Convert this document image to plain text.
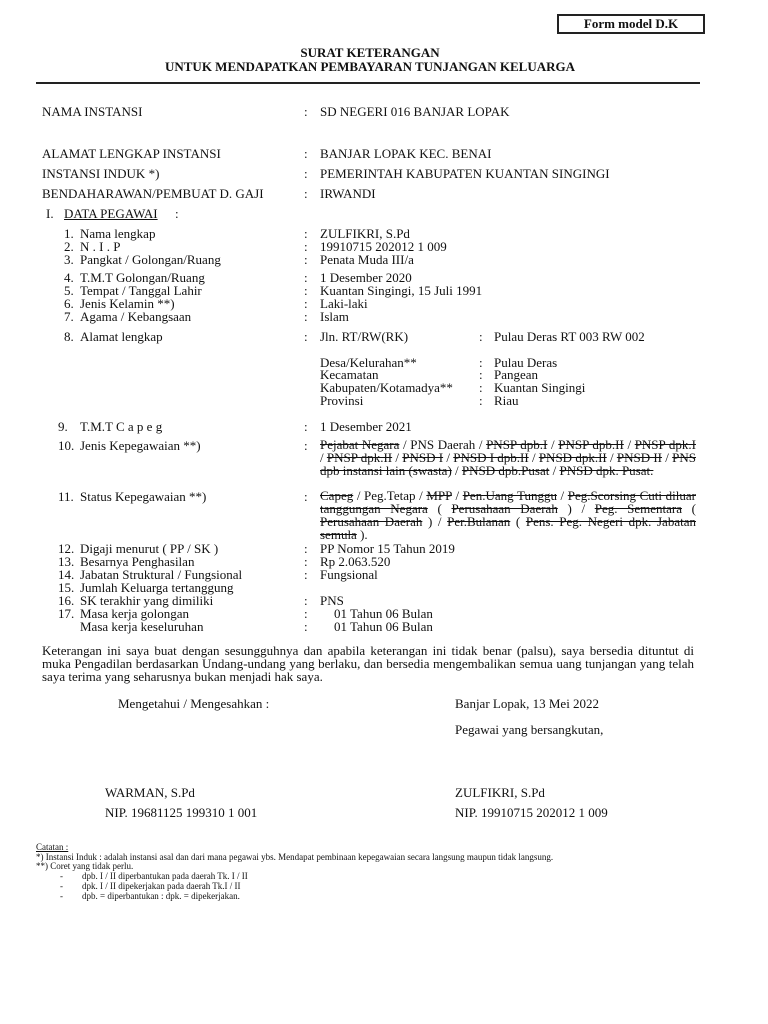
Form model D.K
SURAT KETERANGAN
UNTUK MENDAPATKAN PEMBAYARAN TUNJANGAN KELUARGA
NAMA INSTANSI	: SD NEGERI 016 BANJAR LOPAK
ALAMAT LENGKAP INSTANSI	: BANJAR LOPAK KEC. BENAI
INSTANSI INDUK *)	: PEMERINTAH KABUPATEN KUANTAN SINGINGI
BENDAHARAWAN/PEMBUAT D. GAJI	: IRWANDI
I. DATA PEGAWAI :
1. Nama lengkap	: ZULFIKRI, S.Pd
2. N . I . P	: 19910715 202012 1 009
3. Pangkat / Golongan/Ruang	: Penata Muda III/a
4. T.M.T Golongan/Ruang	: 1 Desember 2020
5. Tempat / Tanggal Lahir	: Kuantan Singingi, 15 Juli 1991
6. Jenis Kelamin **)	: Laki-laki
7. Agama / Kebangsaan	: Islam
8. Alamat lengkap	: Jln. RT/RW(RK)	: Pulau Deras RT 003 RW 002
Desa/Kelurahan**	: Pulau Deras
Kecamatan	: Pangean
Kabupaten/Kotamadya** : Kuantan Singingi
Provinsi	: Riau
9. T.M.T C a p e g	: 1 Desember 2021
10. Jenis Kepegawaian **)	: Pejabat Negara / PNS Daerah / PNSP dpb.I / PNSP dpb.II / PNSP dpk.I / PNSP dpk.II / PNSD I / PNSD I dpb.II / PNSD dpk.II / PNSD II / PNS dpb instansi lain (swasta) / PNSD dpb.Pusat / PNSD dpk. Pusat.
11. Status Kepegawaian **)	: Capeg / Peg.Tetap / MPP / Pen.Uang Tunggu / Peg.Scorsing Cuti diluar tanggungan Negara ( Perusahaan Daerah ) / Peg. Sementara ( Perusahaan Daerah ) / Per.Bulanan ( Pens. Peg. Negeri dpk. Jabatan semula ).
12. Digaji menurut ( PP / SK )	: PP Nomor 15 Tahun 2019
13. Besarnya Penghasilan	: Rp 2.063.520
14. Jabatan Struktural / Fungsional	: Fungsional
15. Jumlah Keluarga tertanggung
16. SK terakhir yang dimiliki	: PNS
17. Masa kerja golongan	: 01 Tahun 06 Bulan
Masa kerja keseluruhan	: 01 Tahun 06 Bulan
Keterangan ini saya buat dengan sesungguhnya dan apabila keterangan ini tidak benar (palsu), saya bersedia dituntut di muka Pengadilan berdasarkan Undang-undang yang berlaku, dan bersedia mengembalikan semua uang tunjangan yang telah saya terima yang seharusnya bukan menjadi hak saya.
Mengetahui / Mengesahkan :	Banjar Lopak, 13 Mei 2022
Pegawai yang bersangkutan,
WARMAN, S.Pd	ZULFIKRI, S.Pd
NIP. 19681125 199310 1 001	NIP. 19910715 202012 1 009
Catatan :
*) Instansi Induk : adalah instansi asal dan dari mana pegawai ybs. Mendapat pembinaan kepegawaian secara langsung maupun tidak langsung.
**) Coret yang tidak perlu.
- dpb. I / II diperbantukan pada daerah Tk. I / II
- dpk. I / II dipekerjakan pada daerah Tk.I / II
- dpb. = diperbantukan : dpk. = dipekerjakan.
